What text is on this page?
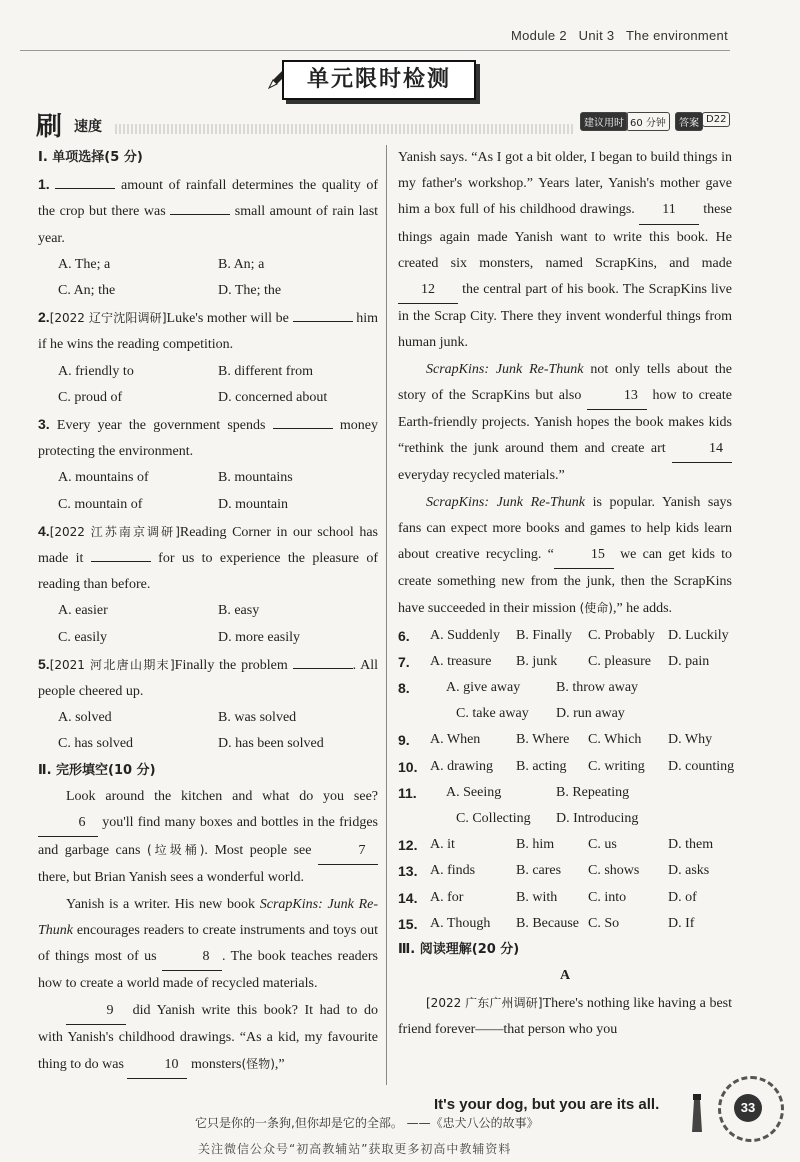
Module 2 Unit 3 The environment
单元限时检测
刷 速度	建议用时 60 分钟	答案 D22

Ⅰ. 单项选择(5 分)

1.	amount of rainfall determines the quality of the crop but there was	small amount of rain last year.

A. The; a	B. An; a
C. An; the	D. The; the

2.[2022 辽宁沈阳调研]Luke's mother will be	him if he wins the reading competition.

A. friendly to	B. different from
C. proud of	D. concerned about

3. Every year the government spends	money protecting the environment.

A. mountains of	B. mountains
C. mountain of	D. mountain

4.[2022 江苏南京调研]Reading Corner in our school has made it	for us to experience the pleasure of reading than before.

A. easier	B. easy
C. easily	D. more easily

5.[2021 河北唐山期末]Finally the problem	. All people cheered up.

A. solved	B. was solved
C. has solved	D. has been solved

Ⅱ. 完形填空(10 分)

Look around the kitchen and what do you see? 6 you'll find many boxes and bottles in the fridges and garbage cans (垃圾桶). Most people see	7 there, but Brian Yanish sees a wonderful world.

Yanish is a writer. His new book ScrapKins: Junk Re-Thunk encourages readers to create instruments and toys out of things most of us	8 . The book teaches readers how to create a world made of recycled materials.

9 did Yanish write this book? It had to do with Yanish's childhood drawings. “As a kid, my favourite thing to do was	10 monsters(怪物),”

Yanish says. “As I got a bit older, I began to build things in my father's workshop.” Years later, Yanish's mother gave him a box full of his childhood drawings. 11 these things again made Yanish want to write this book. He created six monsters, named ScrapKins, and made 12 the central part of his book. The ScrapKins live in the Scrap City. There they invent wonderful things from human junk.

ScrapKins: Junk Re-Thunk not only tells about the story of the ScrapKins but also	13 how to create Earth-friendly projects. Yanish hopes the book makes kids “rethink the junk around them and create art	14 everyday recycled materials.”

ScrapKins: Junk Re-Thunk is popular. Yanish says fans can expect more books and games to help kids learn about creative recycling. “	15 we can get kids to create something new from the junk, then the ScrapKins have succeeded in their mission (使命),” he adds.

6.	A. Suddenly	B. Finally	C. Probably D. Luckily
7.	A. treasure	B. junk	C. pleasure	D. pain
8.	A. give away	B. throw away
C. take away	D. run away
9.	A. When	B. Where	C. Which	D. Why
10. A. drawing	B. acting	C. writing	D. counting
11.	A. Seeing	B. Repeating
C. Collecting	D. Introducing
12. A. it	B. him	C. us	D. them
13. A. finds	B. cares	C. shows	D. asks
14. A. for	B. with	C. into	D. of
15. A. Though	B. Because C. So	D. If

Ⅲ. 阅读理解(20 分)

A

[2022 广东广州调研]There's nothing like having a best friend forever——that person who you

33
It's your dog, but you are its all.
它只是你的一条狗,但你却是它的全部。 ——《忠犬八公的故事》
关注微信公众号“初高教辅站”获取更多初高中教辅资料
